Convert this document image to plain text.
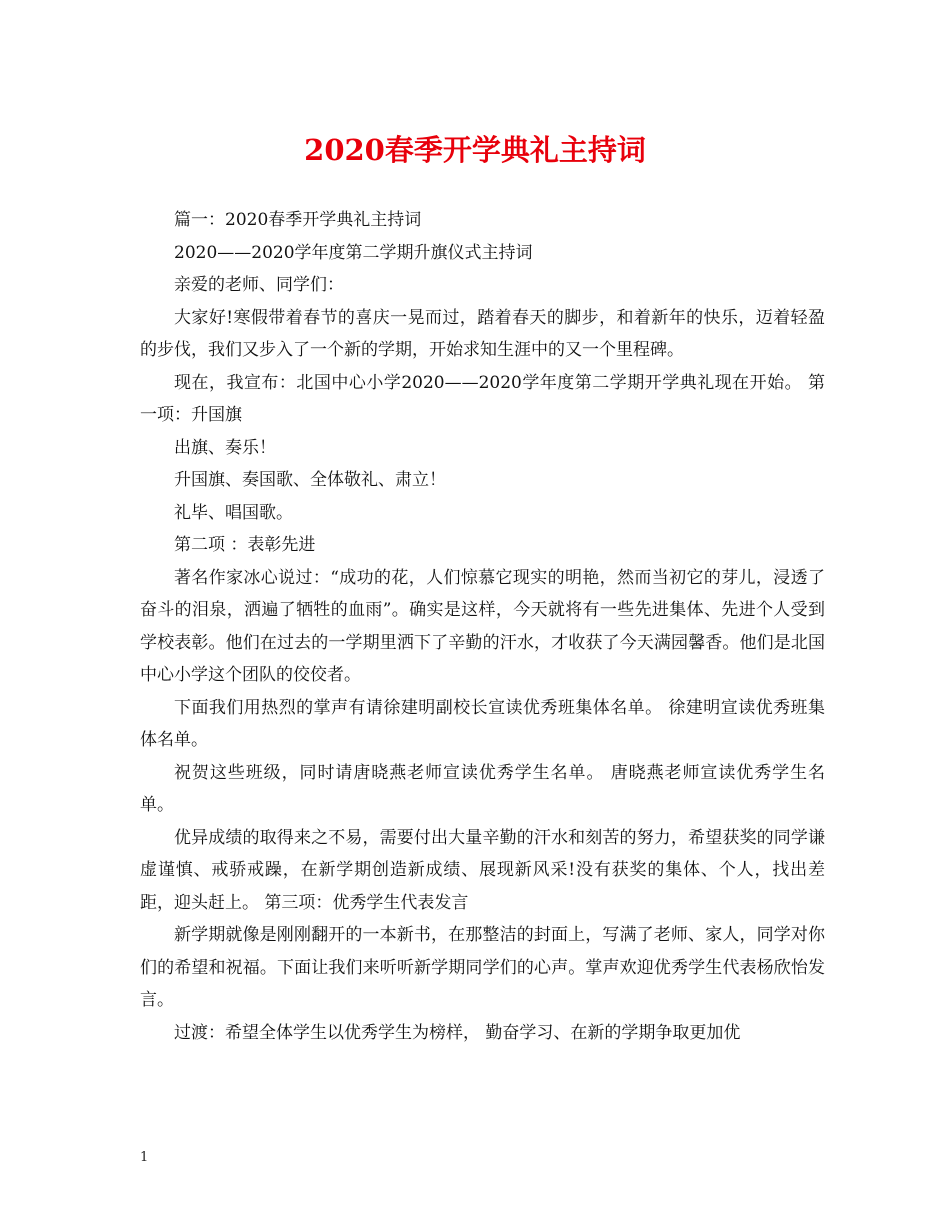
2020春季开学典礼主持词

篇一：2020春季开学典礼主持词

2020——2020学年度第二学期升旗仪式主持词

亲爱的老师、同学们：

大家好!寒假带着春节的喜庆一晃而过，踏着春天的脚步，和着新年的快乐，迈着轻盈的步伐，我们又步入了一个新的学期，开始求知生涯中的又一个里程碑。

现在，我宣布：北国中心小学2020——2020学年度第二学期开学典礼现在开始。 第一项：升国旗

出旗、奏乐！

升国旗、奏国歌、全体敬礼、肃立！

礼毕、唱国歌。

第二项 ：表彰先进

著名作家冰心说过：“成功的花，人们惊慕它现实的明艳，然而当初它的芽儿，浸透了奋斗的泪泉，洒遍了牺牲的血雨”。确实是这样，今天就将有一些先进集体、先进个人受到学校表彰。他们在过去的一学期里洒下了辛勤的汗水，才收获了今天满园馨香。他们是北国中心小学这个团队的佼佼者。

下面我们用热烈的掌声有请徐建明副校长宣读优秀班集体名单。 徐建明宣读优秀班集体名单。

祝贺这些班级，同时请唐晓燕老师宣读优秀学生名单。 唐晓燕老师宣读优秀学生名单。

优异成绩的取得来之不易，需要付出大量辛勤的汗水和刻苦的努力，希望获奖的同学谦虚谨慎、戒骄戒躁，在新学期创造新成绩、展现新风采!没有获奖的集体、个人，找出差距，迎头赶上。 第三项：优秀学生代表发言

新学期就像是刚刚翻开的一本新书，在那整洁的封面上，写满了老师、家人，同学对你们的希望和祝福。下面让我们来听听新学期同学们的心声。掌声欢迎优秀学生代表杨欣怡发言。

过渡：希望全体学生以优秀学生为榜样， 勤奋学习、在新的学期争取更加优

1
